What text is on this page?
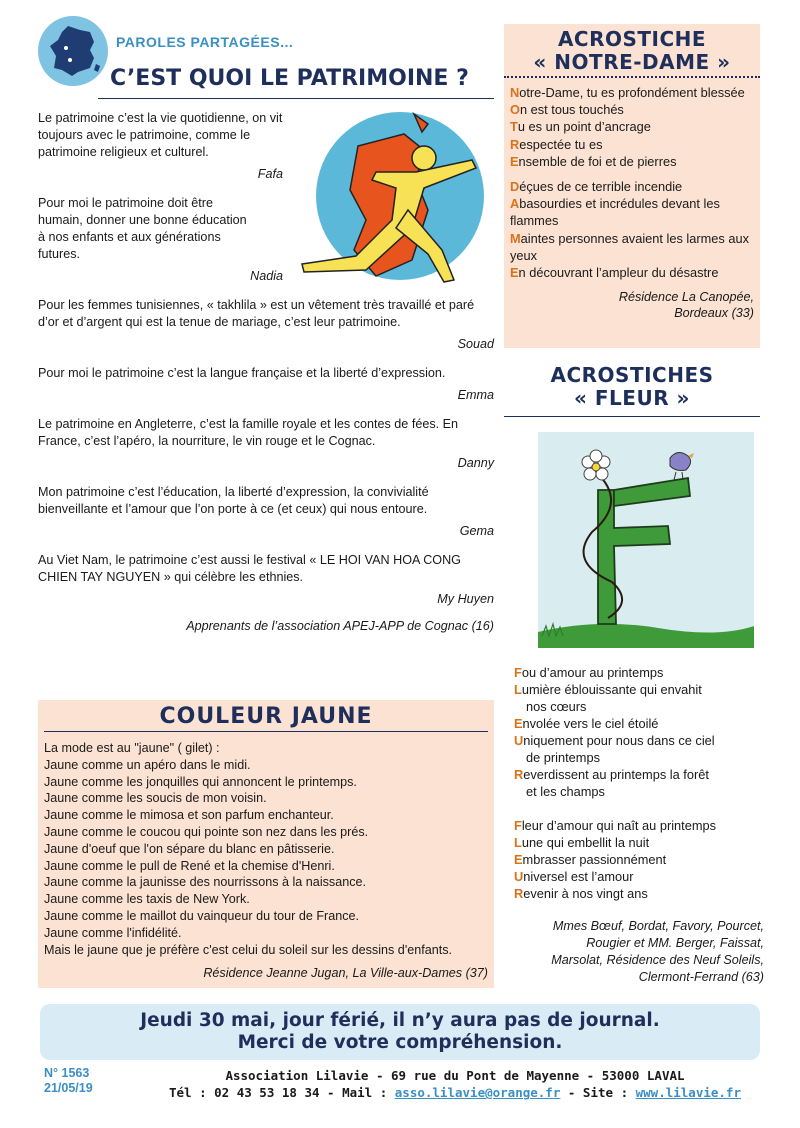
PAROLES PARTAGÉES...
C’EST QUOI LE PATRIMOINE ?

Le patrimoine c’est la vie quotidienne, on vit toujours avec le patrimoine, comme le patrimoine religieux et culturel.

Fafa

Pour moi le patrimoine doit être humain, donner une bonne éducation à nos enfants et aux générations futures.

Nadia

Pour les femmes tunisiennes, « takhlila » est un vêtement très travaillé et paré d’or et d’argent qui est la tenue de mariage, c’est leur patrimoine.

Souad

Pour moi le patrimoine c’est la langue française et la liberté d’expression.

Emma

Le patrimoine en Angleterre, c’est la famille royale et les contes de fées. En France, c’est l’apéro, la nourriture, le vin rouge et le Cognac.

Danny

Mon patrimoine c’est l’éducation, la liberté d’expression, la convivialité bienveillante et l’amour que l’on porte à ce (et ceux) qui nous entoure.

Gema

Au Viet Nam, le patrimoine c’est aussi le festival « LE HOI VAN HOA CONG CHIEN TAY NGUYEN » qui célèbre les ethnies.

My Huyen

Apprenants de l’association APEJ-APP de Cognac (16)

COULEUR JAUNE
La mode est au "jaune" ( gilet) :
Jaune comme un apéro dans le midi.
Jaune comme les jonquilles qui annoncent le printemps.
Jaune comme les soucis de mon voisin.
Jaune comme le mimosa et son parfum enchanteur.
Jaune comme le coucou qui pointe son nez dans les prés.
Jaune d'oeuf que l'on sépare du blanc en pâtisserie.
Jaune comme le pull de René et la chemise d'Henri.
Jaune comme la jaunisse des nourrissons à la naissance.
Jaune comme les taxis de New York.
Jaune comme le maillot du vainqueur du tour de France.
Jaune comme l'infidélité.
Mais le jaune que je préfère c'est celui du soleil sur les dessins d'enfants.
Résidence Jeanne Jugan, La Ville-aux-Dames (37)
ACROSTICHE
« NOTRE-DAME »
Notre-Dame, tu es profondément blessée
On est tous touchés
Tu es un point d’ancrage
Respectée tu es
Ensemble de foi et de pierres
Déçues de ce terrible incendie
Abasourdies et incrédules devant les flammes
Maintes personnes avaient les larmes aux yeux
En découvrant l’ampleur du désastre
Résidence La Canopée,
Bordeaux (33)
ACROSTICHES
« FLEUR »
Fou d’amour au printemps
Lumière éblouissante qui envahit
nos cœurs
Envolée vers le ciel étoilé
Uniquement pour nous dans ce ciel
de printemps
Reverdissent au printemps la forêt
et les champs
Fleur d’amour qui naît au printemps
Lune qui embellit la nuit
Embrasser passionnément
Universel est l’amour
Revenir à nos vingt ans
Mmes Bœuf, Bordat, Favory, Pourcet,
Rougier et MM. Berger, Faissat,
Marsolat, Résidence des Neuf Soleils,
Clermont-Ferrand (63)
Jeudi 30 mai, jour férié, il n’y aura pas de journal.
Merci de votre compréhension.
N° 1563
21/05/19
Association Lilavie - 69 rue du Pont de Mayenne - 53000 LAVAL
Tél : 02 43 53 18 34 - Mail : asso.lilavie@orange.fr - Site : www.lilavie.fr
